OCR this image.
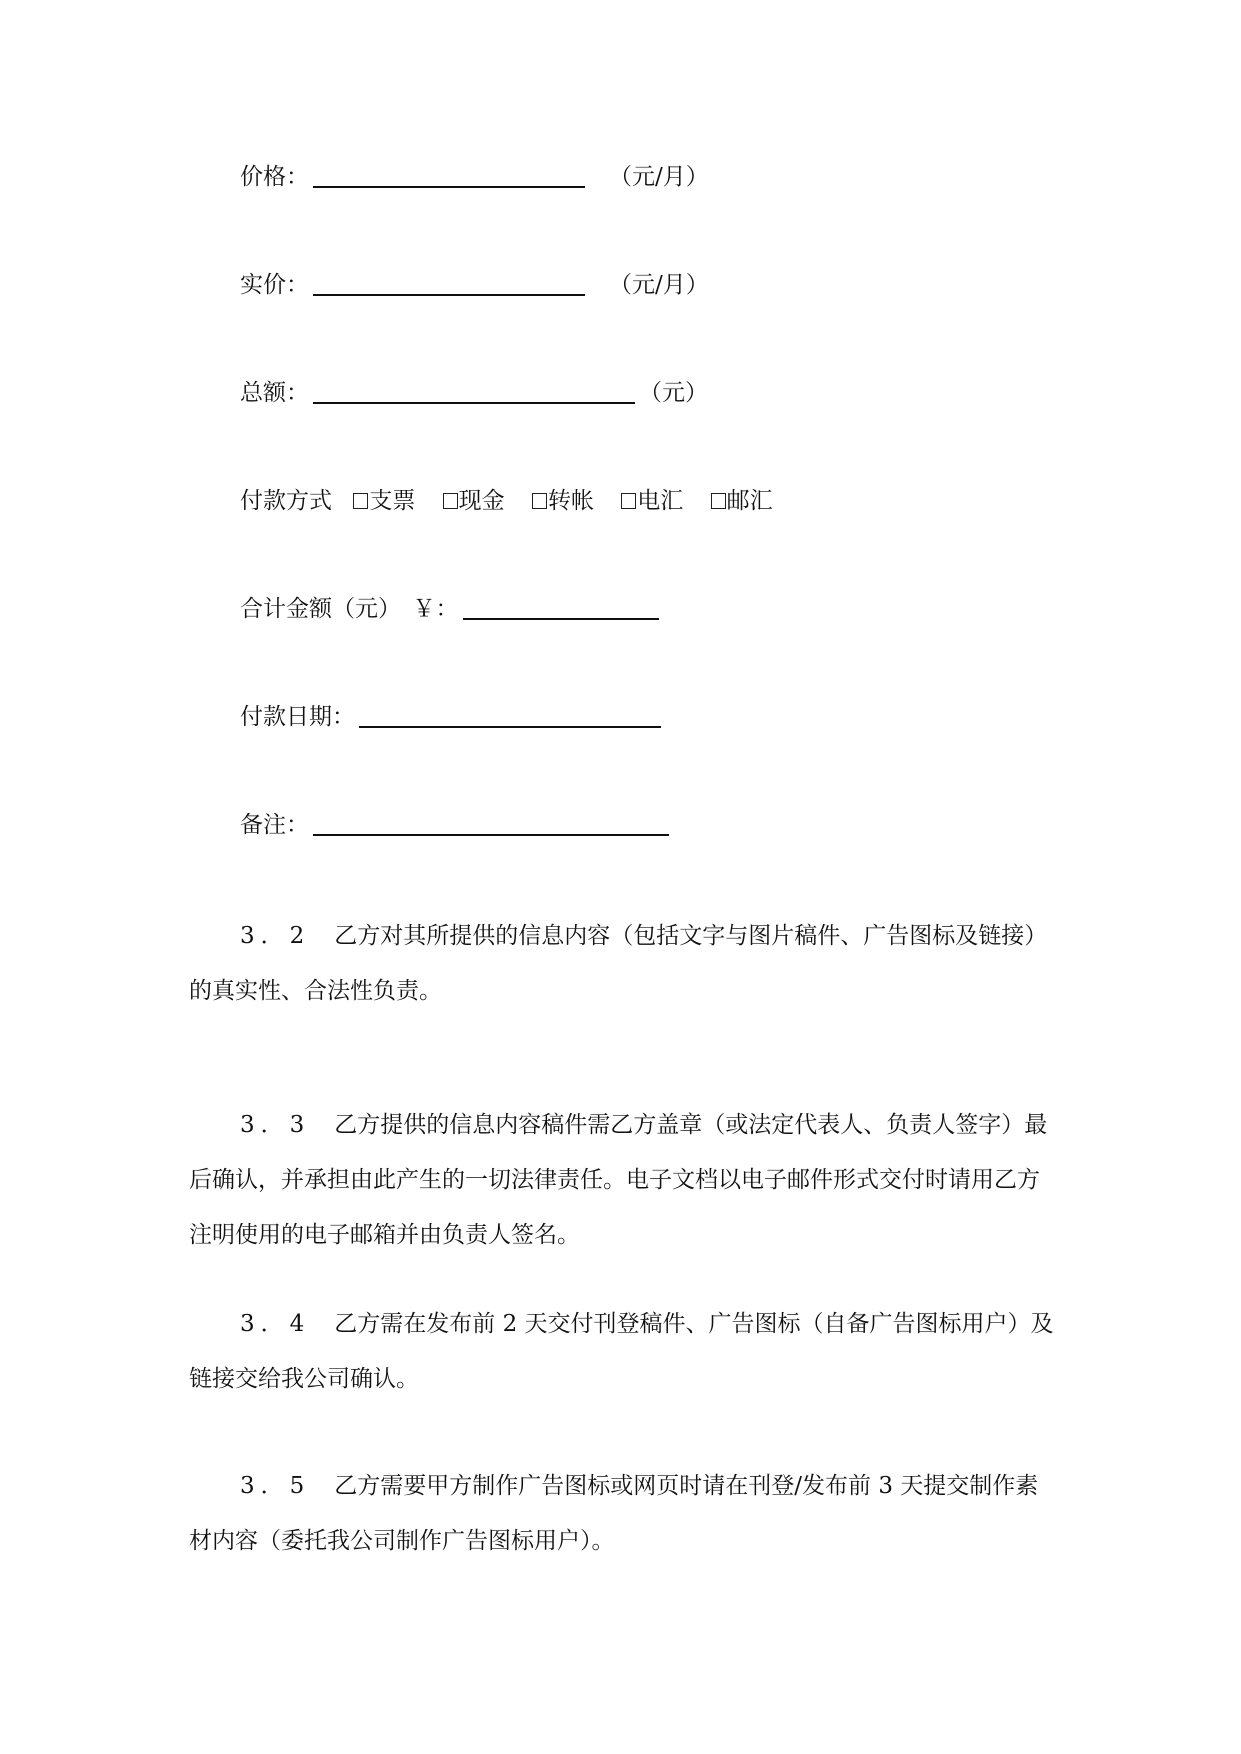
价格：	（元/月）
实价：	（元/月）
总额：	（元）
付款方式 支票 现金 转帐 电汇 邮汇
合计金额（元）　￥：
付款日期：
备注：

3．2 乙方对其所提供的信息内容（包括文字与图片稿件、广告图标及链接）的真实性、合法性负责。

3．3 乙方提供的信息内容稿件需乙方盖章（或法定代表人、负责人签字）最后确认，并承担由此产生的一切法律责任。电子文档以电子邮件形式交付时请用乙方注明使用的电子邮箱并由负责人签名。

3．4 乙方需在发布前 2 天交付刊登稿件、广告图标（自备广告图标用户）及链接交给我公司确认。

3．5 乙方需要甲方制作广告图标或网页时请在刊登/发布前 3 天提交制作素材内容（委托我公司制作广告图标用户）。
